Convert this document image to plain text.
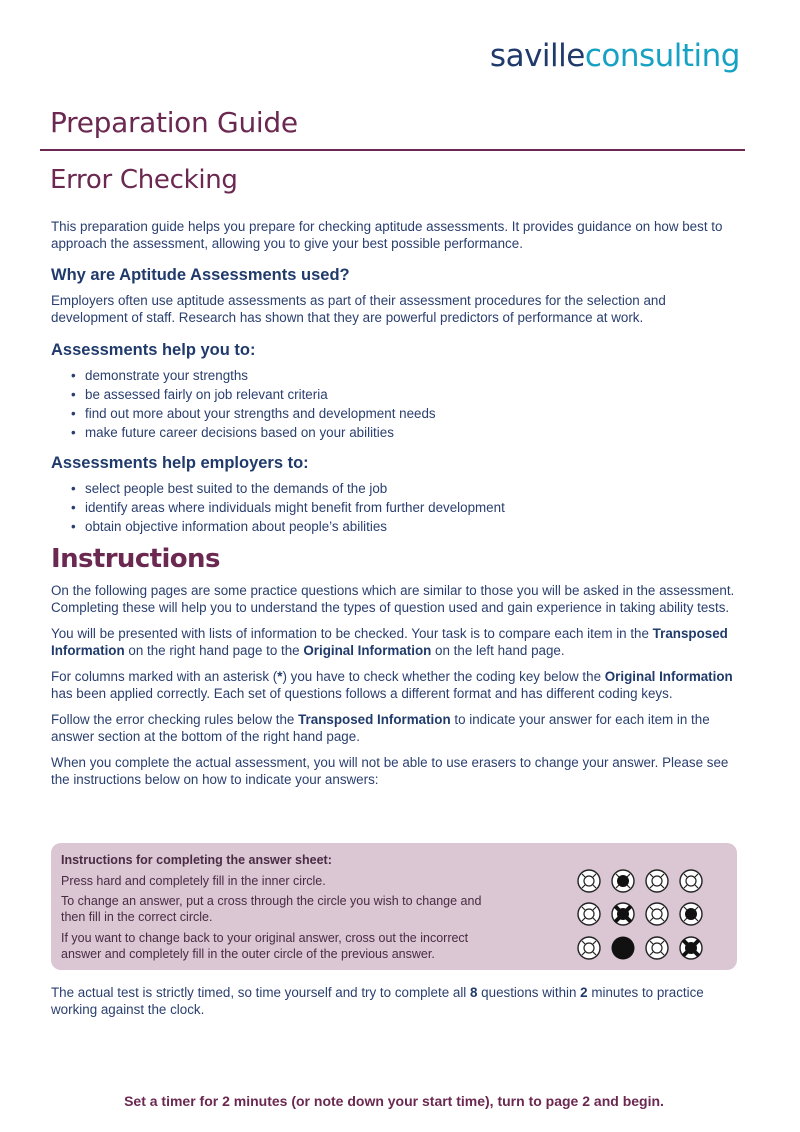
savilleconsulting
Preparation Guide
Error Checking

This preparation guide helps you prepare for checking aptitude assessments. It provides guidance on how best to approach the assessment, allowing you to give your best possible performance.

Why are Aptitude Assessments used?

Employers often use aptitude assessments as part of their assessment procedures for the selection and development of staff. Research has shown that they are powerful predictors of performance at work.

Assessments help you to:
• demonstrate your strengths
• be assessed fairly on job relevant criteria
• find out more about your strengths and development needs
• make future career decisions based on your abilities
Assessments help employers to:
• select people best suited to the demands of the job
• identify areas where individuals might benefit from further development
• obtain objective information about people’s abilities
Instructions

On the following pages are some practice questions which are similar to those you will be asked in the assessment. Completing these will help you to understand the types of question used and gain experience in taking ability tests.

You will be presented with lists of information to be checked. Your task is to compare each item in the Transposed Information on the right hand page to the Original Information on the left hand page.

For columns marked with an asterisk (*) you have to check whether the coding key below the Original Information has been applied correctly. Each set of questions follows a different format and has different coding keys.

Follow the error checking rules below the Transposed Information to indicate your answer for each item in the answer section at the bottom of the right hand page.

When you complete the actual assessment, you will not be able to use erasers to change your answer. Please see the instructions below on how to indicate your answers:

Instructions for completing the answer sheet:
Press hard and completely fill in the inner circle.
To change an answer, put a cross through the circle you wish to change and then fill in the correct circle.
If you want to change back to your original answer, cross out the incorrect answer and completely fill in the outer circle of the previous answer.

The actual test is strictly timed, so time yourself and try to complete all 8 questions within 2 minutes to practice working against the clock.

Set a timer for 2 minutes (or note down your start time), turn to page 2 and begin.
